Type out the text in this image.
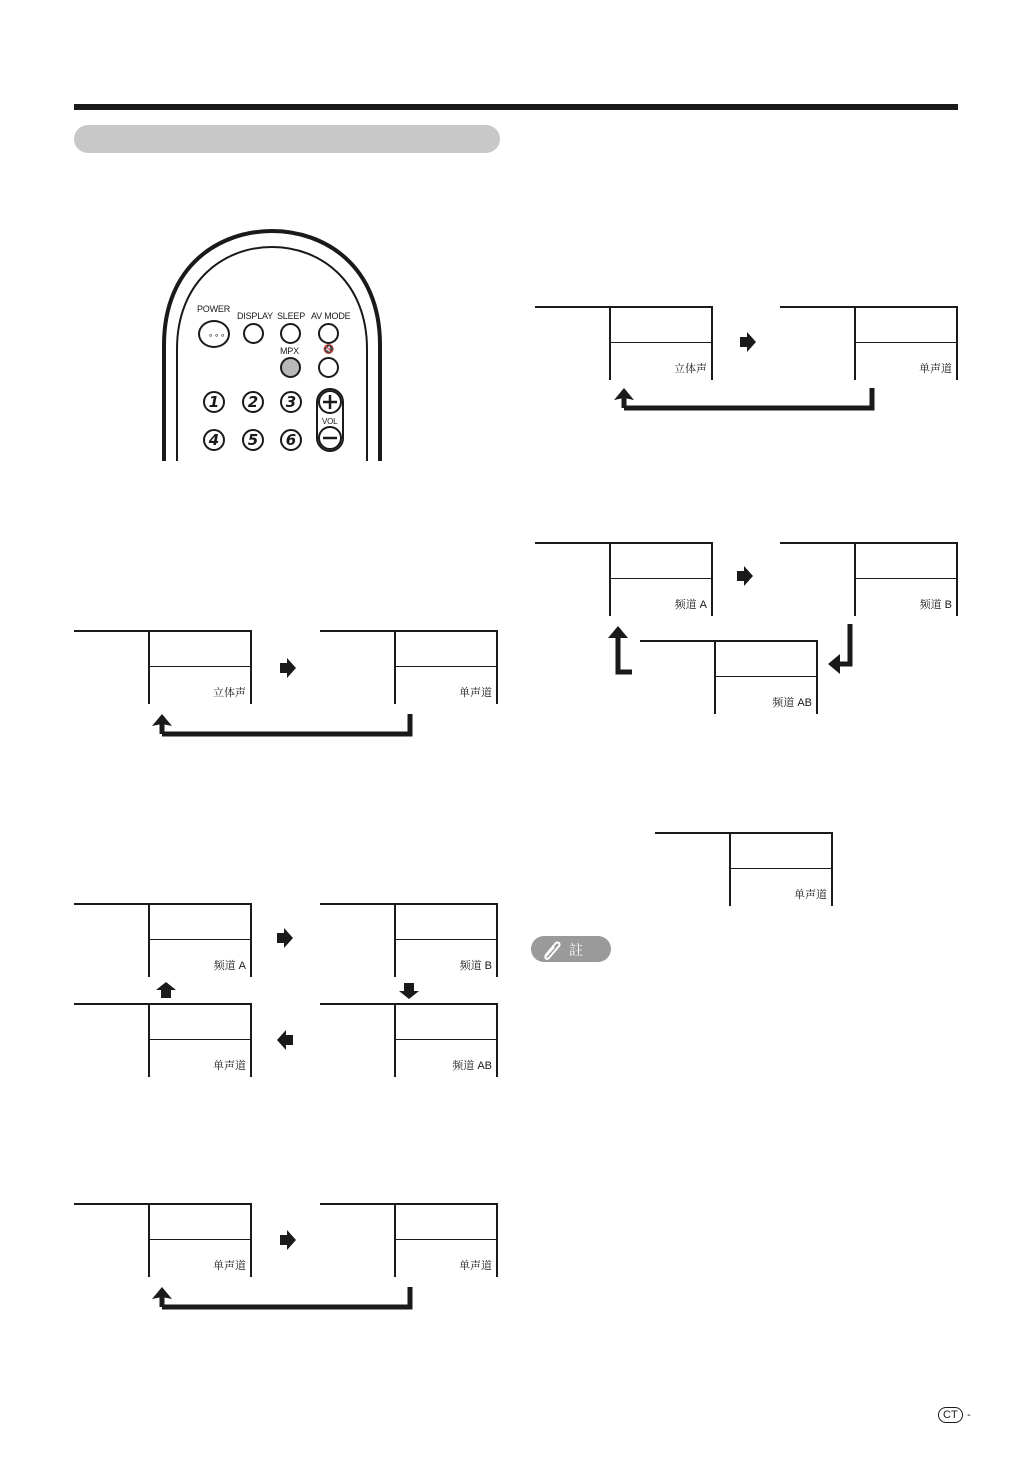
POWER
DISPLAY SLEEP AV MODE
∘∘∘
MPX	🔇
1	2	3
4	5	6
VOL
立体声	单声道
频道 A	频道 B
单声道	频道 AB
单声道	单声道
立体声	单声道
频道 A	频道 B
频道 AB
单声道
註
CT -
